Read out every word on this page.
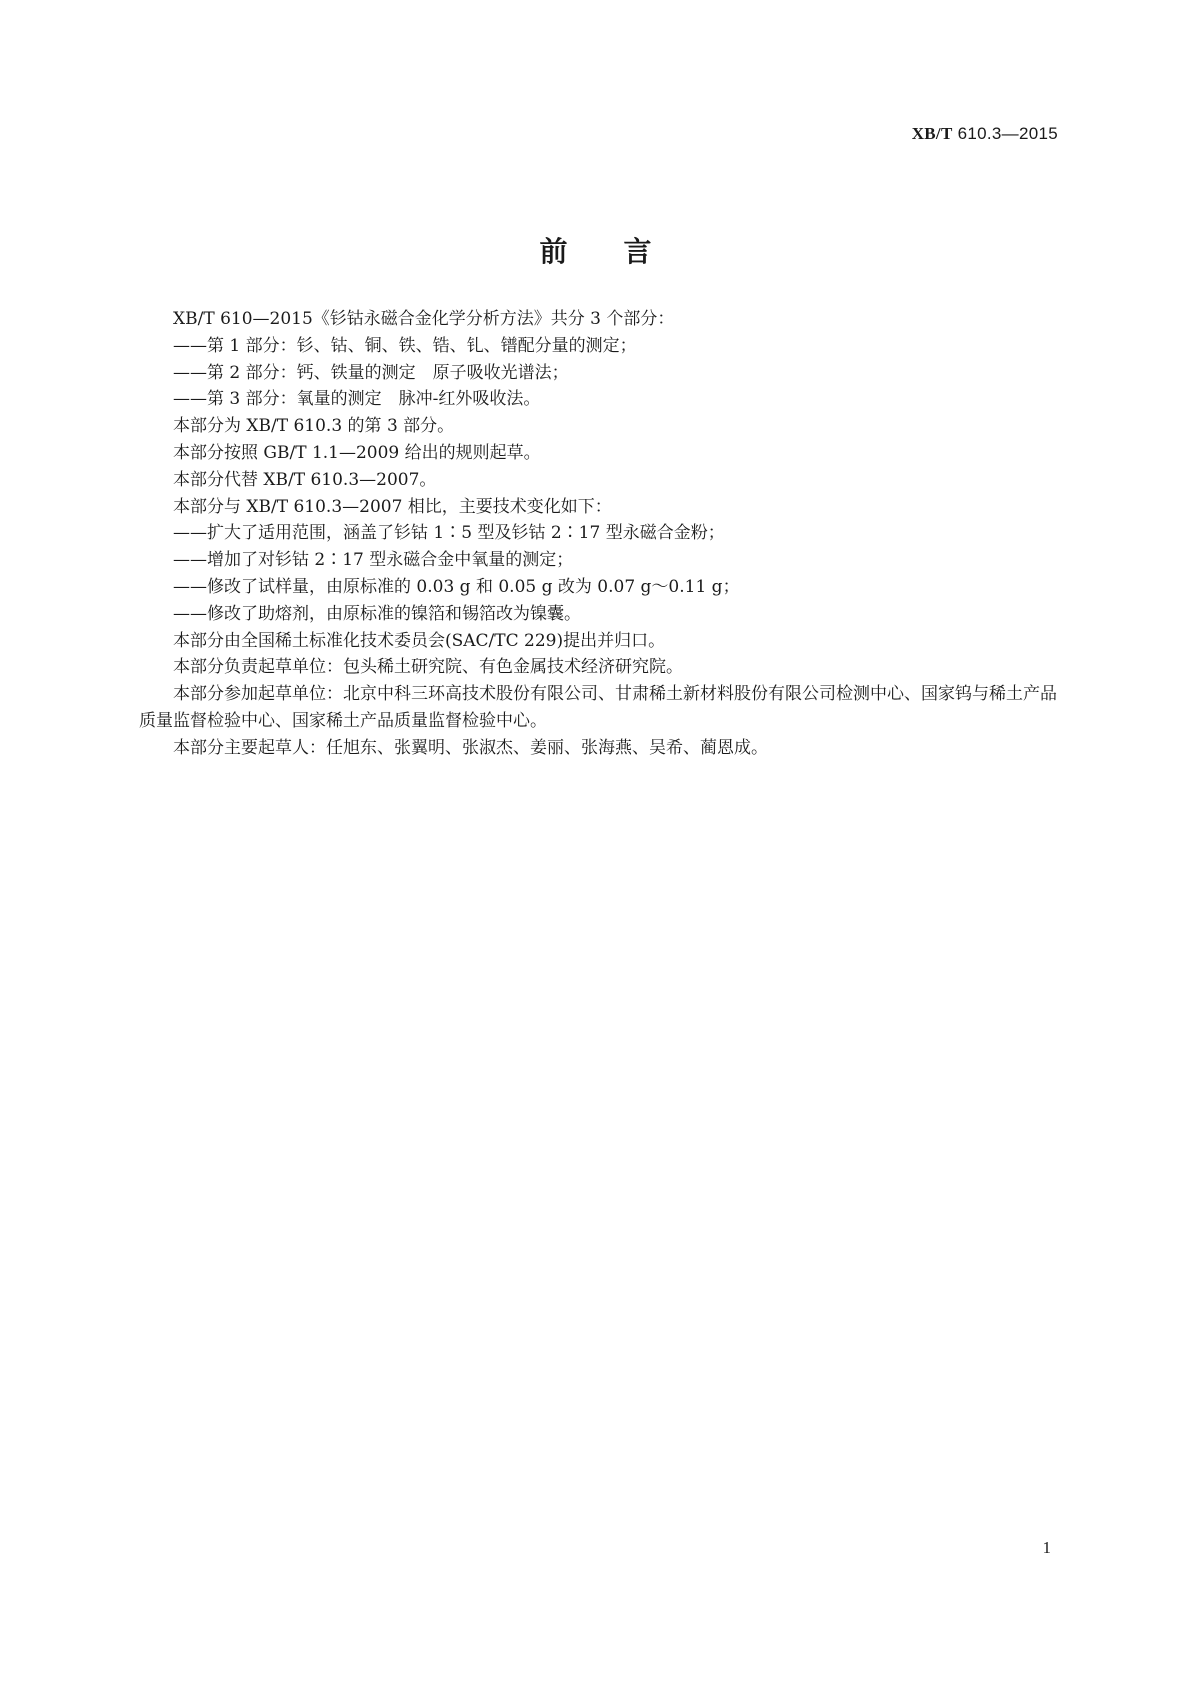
XB/T 610.3—2015
前 言

XB/T 610—2015《钐钴永磁合金化学分析方法》共分 3 个部分：

——第 1 部分：钐、钴、铜、铁、锆、钆、镨配分量的测定；

——第 2 部分：钙、铁量的测定　原子吸收光谱法；

——第 3 部分：氧量的测定　脉冲-红外吸收法。

本部分为 XB/T 610.3 的第 3 部分。

本部分按照 GB/T 1.1—2009 给出的规则起草。

本部分代替 XB/T 610.3—2007。

本部分与 XB/T 610.3—2007 相比，主要技术变化如下：

——扩大了适用范围，涵盖了钐钴 1∶5 型及钐钴 2∶17 型永磁合金粉；

——增加了对钐钴 2∶17 型永磁合金中氧量的测定；

——修改了试样量，由原标准的 0.03 g 和 0.05 g 改为 0.07 g～0.11 g；

——修改了助熔剂，由原标准的镍箔和锡箔改为镍囊。

本部分由全国稀土标准化技术委员会(SAC/TC 229)提出并归口。

本部分负责起草单位：包头稀土研究院、有色金属技术经济研究院。

本部分参加起草单位：北京中科三环高技术股份有限公司、甘肃稀土新材料股份有限公司检测中心、国家钨与稀土产品质量监督检验中心、国家稀土产品质量监督检验中心。

本部分主要起草人：任旭东、张翼明、张淑杰、姜丽、张海燕、吴希、蔺恩成。

1
